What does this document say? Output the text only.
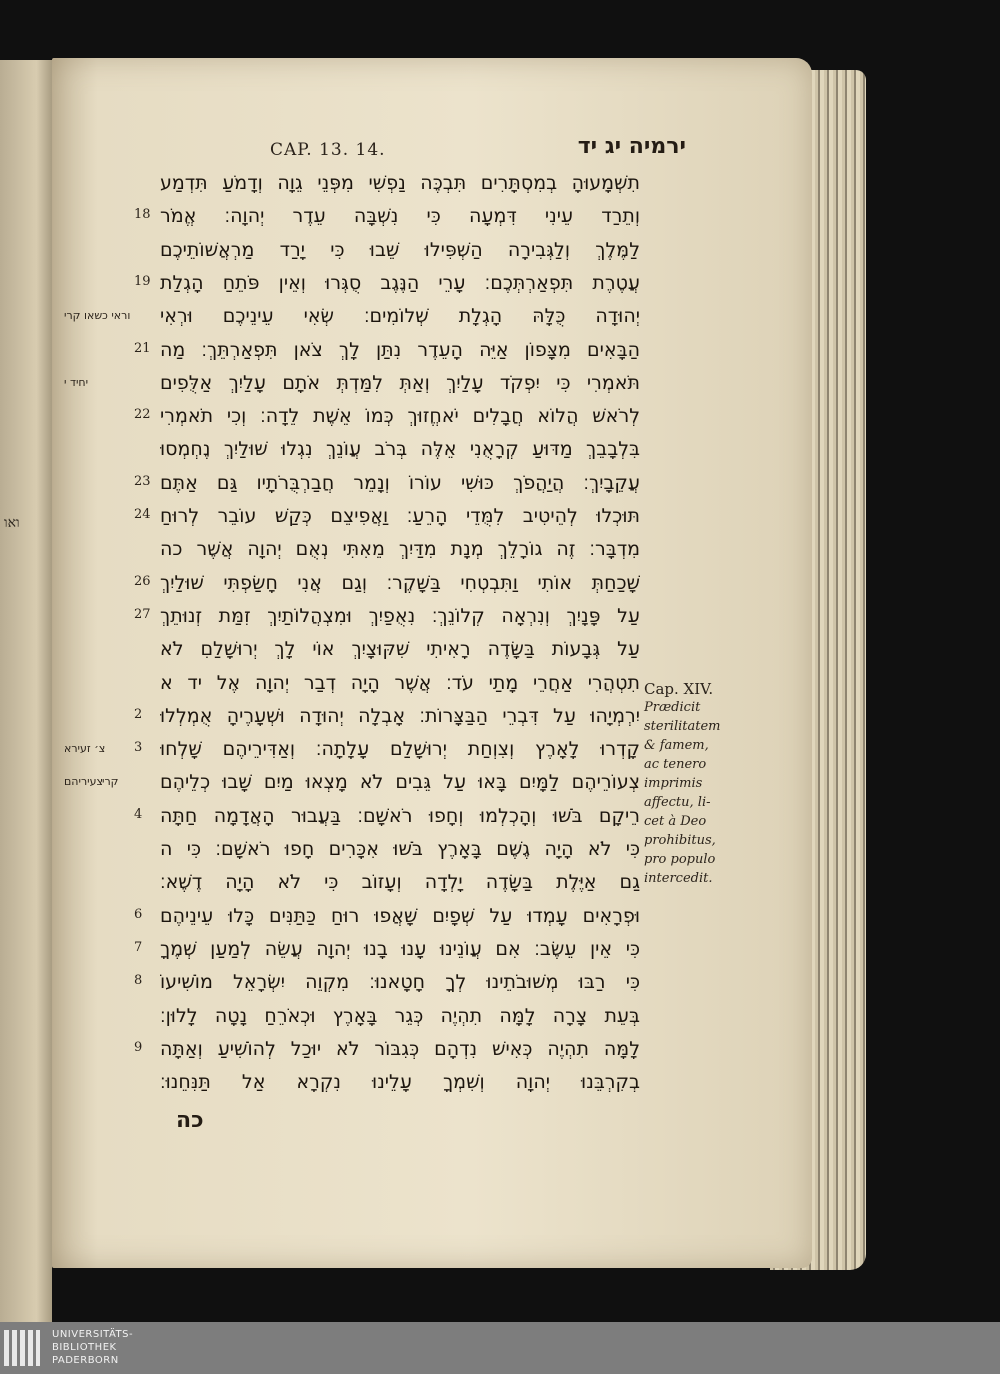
ואו
CAP. 13. 14.	ירמיה יג יד
תִשְׁמָעוּהָ בְמִסְתָּרִים תִּבְכֶּה נַפְשִׁי מִפְּנֵי גֵוָה וְדָמֹעַ תִּדְמַע
וְתֵרַד עֵינִי דִּמְעָה כִּי נִשְׁבָּה עֵדֶר יְהוָה׃ אֱמֹר
18
לַמֶּלֶךְ וְלַגְּבִירָה הַשְׁפִּילוּ שֵׁבוּ כִּי יָרַד מַרְאֲשׁוֹתֵיכֶם
עֲטֶרֶת תִּפְאַרְתְּכֶם׃ עָרֵי הַנֶּגֶב סֻגְּרוּ וְאֵין פֹּתֵחַ הָגְלַת
19
יְהוּדָה כֻּלָּהּ הָגְלָת שְׁלוֹמִים׃ שְׂאִי עֵינֵיכֶם וּרְאִי
הַבָּאִים מִצָּפוֹן אַיֵּה הָעֵדֶר נִתַּן לָךְ צֹאן תִּפְאַרְתֵּךְ׃ מַה
21
תֹּאמְרִי כִּי יִפְקֹד עָלַיִךְ וְאַתְּ לִמַּדְתְּ אֹתָם עָלַיִךְ אַלֻּפִים
לְרֹאשׁ הֲלוֹא חֲבָלִים יֹאחֱזוּךְ כְּמוֹ אֵשֶׁת לֵדָה׃ וְכִי תֹאמְרִי
22
בִּלְבָבֵךְ מַדּוּעַ קְרָאֻנִי אֵלֶּה בְּרֹב עֲוֹנֵךְ נִגְלוּ שׁוּלַיִךְ נֶחְמְסוּ
עֲקֵבָיִךְ׃ הֲיַהֲפֹךְ כּוּשִׁי עוֹרוֹ וְנָמֵר חֲבַרְבֻּרֹתָיו גַּם אַתֶּם
23
תּוּכְלוּ לְהֵיטִיב לִמֻּדֵי הָרֵעַ׃ וַאֲפִיצֵם כְּקַשׁ עוֹבֵר לְרוּחַ
24
מִדְבָּר׃ זֶה גוֹרָלֵךְ מְנָת מִדַּיִךְ מֵאִתִּי נְאֻם יְהוָה אֲשֶׁר כה
שָׁכַחַתְּ אוֹתִי וַתִּבְטְחִי בַּשָּׁקֶר׃ וְגַם אֲנִי חָשַׂפְתִּי שׁוּלַיִךְ
26
עַל פָּנָיִךְ וְנִרְאָה קְלוֹנֵךְ׃ נִאֻפַיִךְ וּמִצְהֲלוֹתַיִךְ זִמַּת זְנוּתֵךְ
27
עַל גְּבָעוֹת בַּשָּׂדֶה רָאִיתִי שִׁקּוּצָיִךְ אוֹי לָךְ יְרוּשָׁלַםִ לֹא
תִטְהֲרִי אַחֲרֵי מָתַי עֹד׃ אֲשֶׁר הָיָה דְבַר יְהוָה אֶל יד א
יִרְמְיָהוּ עַל דִּבְרֵי הַבַּצָּרוֹת׃ אָבְלָה יְהוּדָה וּשְׁעָרֶיהָ אֻמְלְלוּ
2
קָדְרוּ לָאָרֶץ וְצִוְחַת יְרוּשָׁלִַם עָלָתָה׃ וְאַדִּירֵיהֶם שָׁלְחוּ
3
צְעוֹרֵיהֶם לַמָּיִם בָּאוּ עַל גֵּבִים לֹא מָצְאוּ מַיִם שָׁבוּ כְלֵיהֶם
רֵיקָם בֹּשׁוּ וְהָכְלְמוּ וְחָפוּ רֹאשָׁם׃ בַּעֲבוּר הָאֲדָמָה חַתָּה
4
כִּי לֹא הָיָה גֶשֶׁם בָּאָרֶץ בֹּשׁוּ אִכָּרִים חָפוּ רֹאשָׁם׃ כִּי ה
גַם אַיֶּלֶת בַּשָּׂדֶה יָלְדָה וְעָזוֹב כִּי לֹא הָיָה דֶשֶׁא׃
וּפְרָאִים עָמְדוּ עַל שְׁפָיִם שָׁאֲפוּ רוּחַ כַּתַּנִּים כָּלוּ עֵינֵיהֶם
6
כִּי אֵין עֵשֶׂב׃ אִם עֲוֹנֵינוּ עָנוּ בָנוּ יְהוָה עֲשֵׂה לְמַעַן שְׁמֶךָ
7
כִּי רַבּוּ מְשׁוּבֹתֵינוּ לְךָ חָטָאנוּ׃ מִקְוֵה יִשְׂרָאֵל מוֹשִׁיעוֹ
8
בְּעֵת צָרָה לָמָּה תִהְיֶה כְּגֵר בָּאָרֶץ וּכְאֹרֵחַ נָטָה לָלוּן׃
לָמָּה תִהְיֶה כְּאִישׁ נִדְהָם כְּגִבּוֹר לֹא יוּכַל לְהוֹשִׁיעַ וְאַתָּה
9
בְקִרְבֵּנוּ יְהוָה וְשִׁמְךָ עָלֵינוּ נִקְרָא אַל תַּנִּחֵנוּ׃
שאו קרי וראי כ
יחיד י
צ׳ זעירא
צעיריהם
קרי
Cap. XIV.
Prædicit
sterilitatem
& famem,
ac tenero
imprimis
affectu, li-
cet à Deo
prohibitus,
pro populo
intercedit.
כה
UNIVERSITÄTS-
BIBLIOTHEK
PADERBORN
